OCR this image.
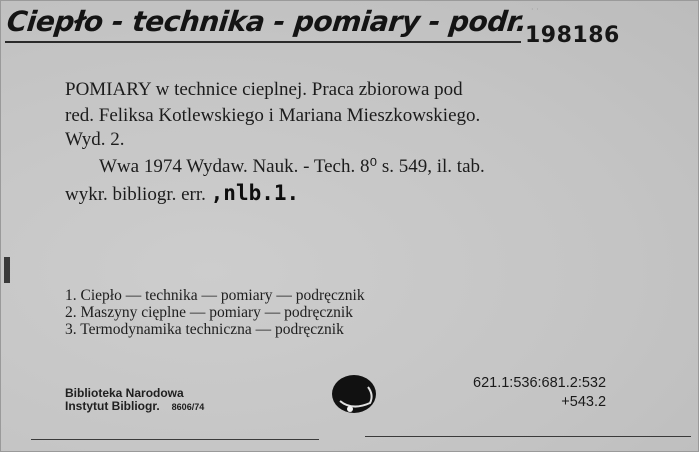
· ·
Ciepło - technika - pomiary - podr.
198186
POMIARY w technice cieplnej. Praca zbiorowa pod
red. Feliksa Kotlewskiego i Mariana Mieszkowskiego.
Wyd. 2.
Wwa 1974 Wydaw. Nauk. - Tech. 8⁰ s. 549, il. tab.
wykr. bibliogr. err. ,nlb.1.
1. Ciepło — technika — pomiary — podręcznik
2. Maszyny cięplne — pomiary — podręcznik
3. Termodynamika techniczna — podręcznik
Biblioteka Narodowa
Instytut Bibliogr. 8606/74
621.1:536:681.2:532
+543.2
